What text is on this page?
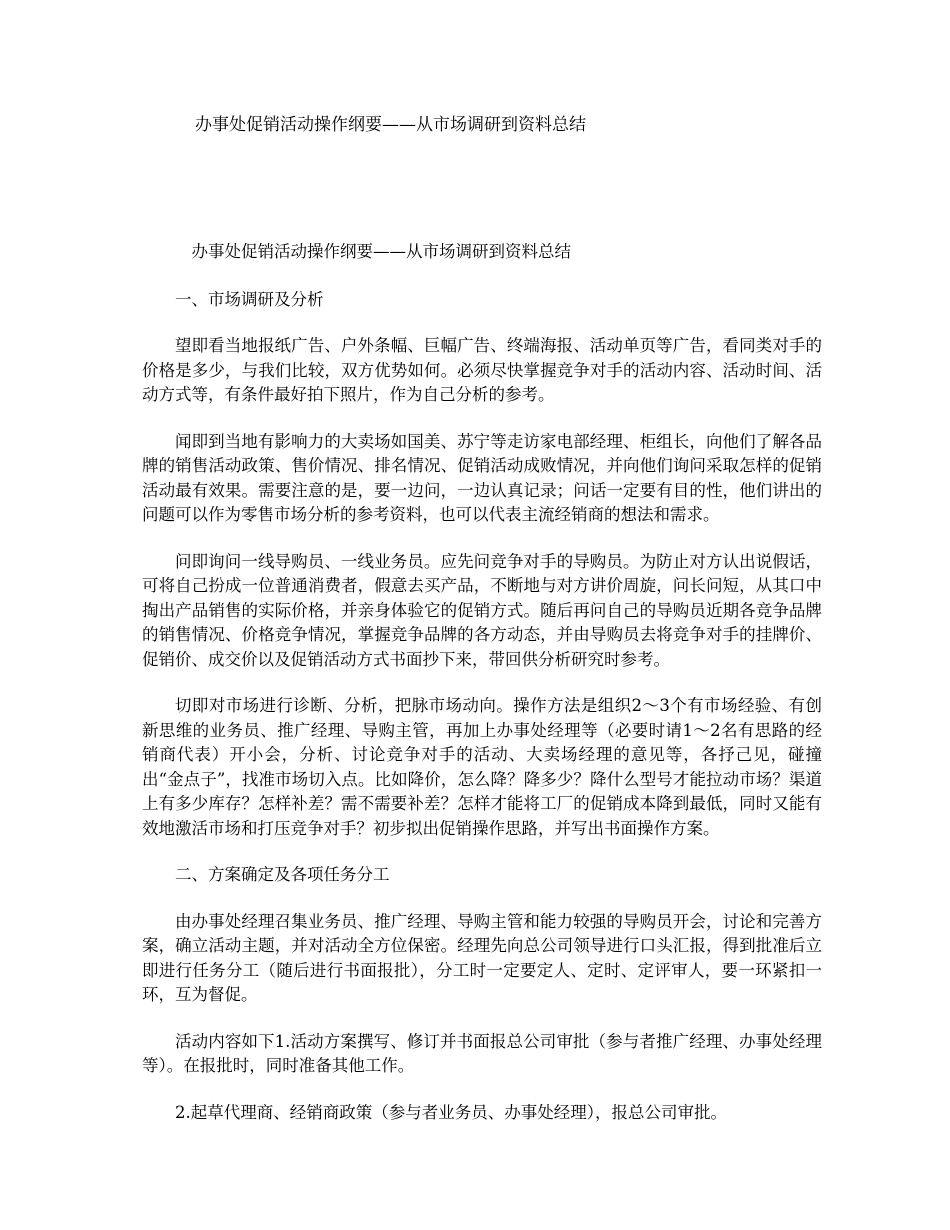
办事处促销活动操作纲要——从市场调研到资料总结

办事处促销活动操作纲要——从市场调研到资料总结

一、市场调研及分析

望即看当地报纸广告、户外条幅、巨幅广告、终端海报、活动单页等广告，看同类对手的价格是多少，与我们比较，双方优势如何。必须尽快掌握竞争对手的活动内容、活动时间、活动方式等，有条件最好拍下照片，作为自己分析的参考。

闻即到当地有影响力的大卖场如国美、苏宁等走访家电部经理、柜组长，向他们了解各品牌的销售活动政策、售价情况、排名情况、促销活动成败情况，并向他们询问采取怎样的促销活动最有效果。需要注意的是，要一边问，一边认真记录；问话一定要有目的性，他们讲出的问题可以作为零售市场分析的参考资料，也可以代表主流经销商的想法和需求。

问即询问一线导购员、一线业务员。应先问竞争对手的导购员。为防止对方认出说假话，可将自己扮成一位普通消费者，假意去买产品，不断地与对方讲价周旋，问长问短，从其口中掏出产品销售的实际价格，并亲身体验它的促销方式。随后再问自己的导购员近期各竞争品牌的销售情况、价格竞争情况，掌握竞争品牌的各方动态，并由导购员去将竞争对手的挂牌价、促销价、成交价以及促销活动方式书面抄下来，带回供分析研究时参考。

切即对市场进行诊断、分析，把脉市场动向。操作方法是组织2～3个有市场经验、有创新思维的业务员、推广经理、导购主管，再加上办事处经理等（必要时请1～2名有思路的经销商代表）开小会，分析、讨论竞争对手的活动、大卖场经理的意见等，各抒己见，碰撞出“金点子”，找准市场切入点。比如降价，怎么降？降多少？降什么型号才能拉动市场？渠道上有多少库存？怎样补差？需不需要补差？怎样才能将工厂的促销成本降到最低，同时又能有效地激活市场和打压竞争对手？初步拟出促销操作思路，并写出书面操作方案。

二、方案确定及各项任务分工

由办事处经理召集业务员、推广经理、导购主管和能力较强的导购员开会，讨论和完善方案，确立活动主题，并对活动全方位保密。经理先向总公司领导进行口头汇报，得到批准后立即进行任务分工（随后进行书面报批），分工时一定要定人、定时、定评审人，要一环紧扣一环，互为督促。

活动内容如下1.活动方案撰写、修订并书面报总公司审批（参与者推广经理、办事处经理等）。在报批时，同时准备其他工作。

2.起草代理商、经销商政策（参与者业务员、办事处经理），报总公司审批。
